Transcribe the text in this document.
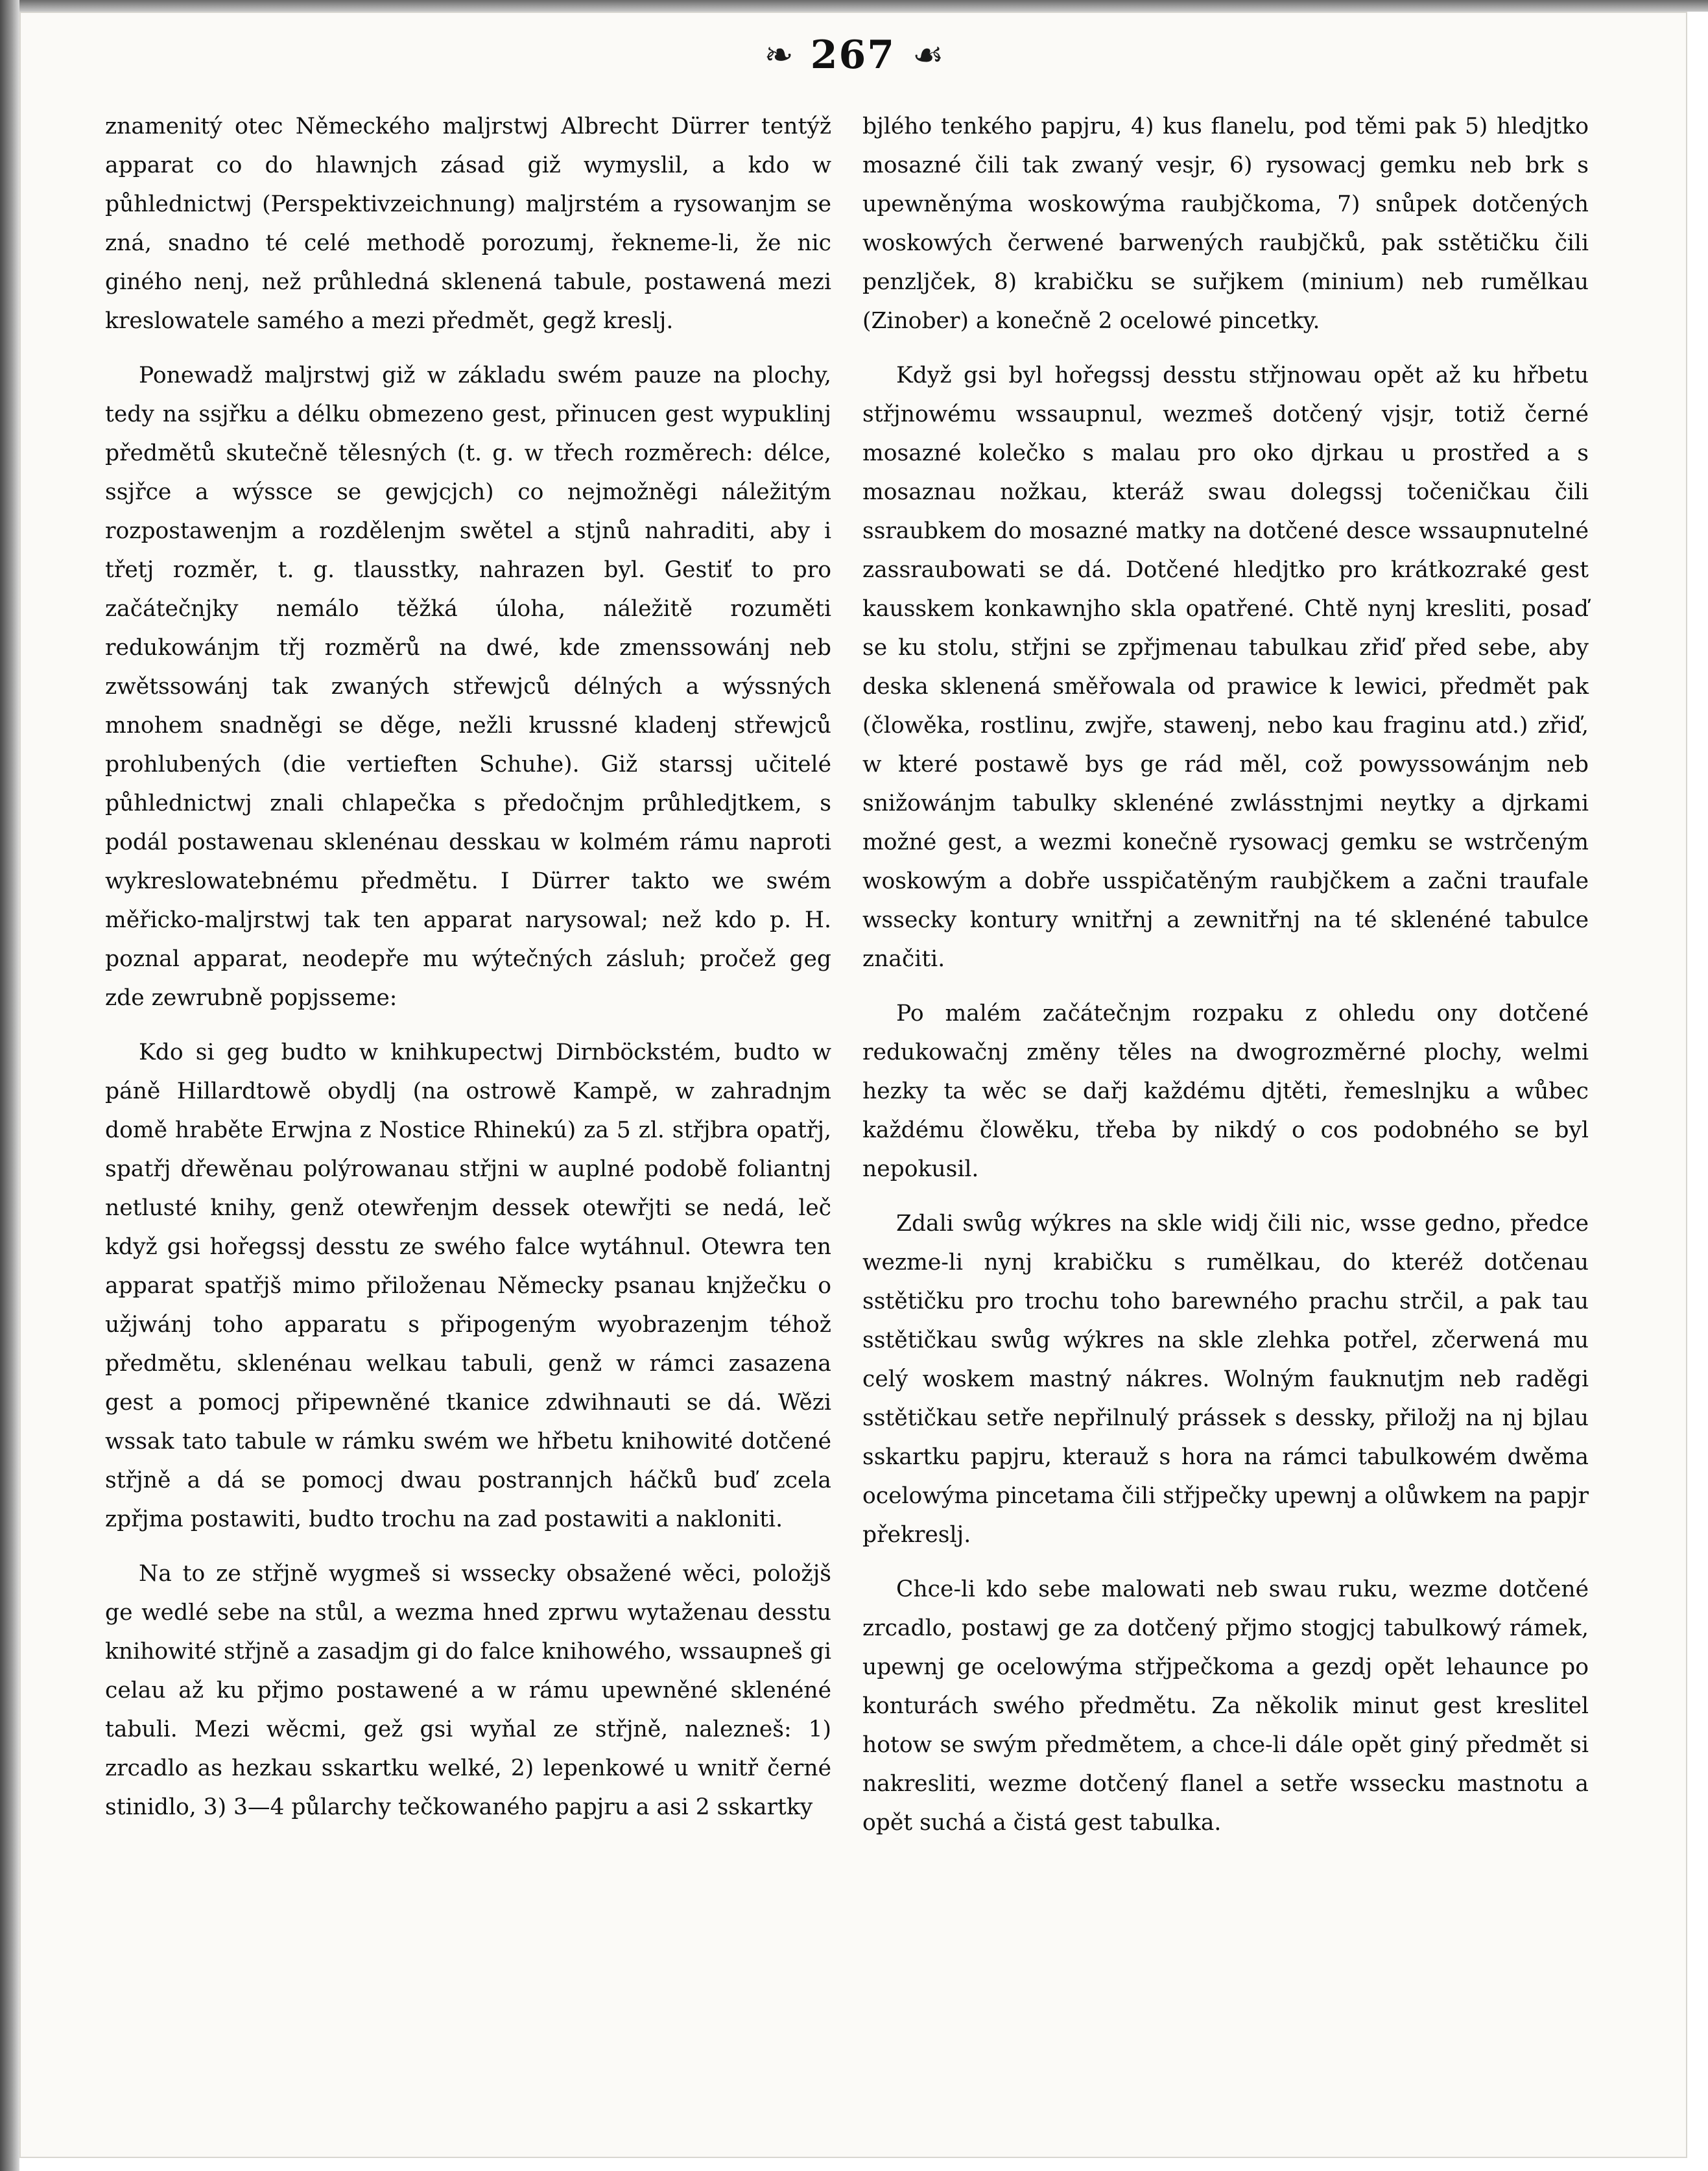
❧ 267 ☙

znamenitý otec Německého maljrstwj Albrecht Dürrer tentýž apparat co do hlawnjch zásad giž wymyslil, a kdo w půhlednictwj (Perspektivzeichnung) maljrstém a rysowanjm se zná, snadno té celé methodě porozumj, řekneme-li, že nic giného nenj, než průhledná sklenená tabule, postawená mezi kreslowatele samého a mezi předmět, gegž kreslj.

Ponewadž maljrstwj giž w základu swém pauze na plochy, tedy na ssjřku a délku obmezeno gest, přinucen gest wypuklinj předmětů skutečně tělesných (t. g. w třech rozměrech: délce, ssjřce a wýssce se gewjcjch) co nejmožněgi náležitým rozpostawenjm a rozdělenjm swětel a stjnů nahraditi, aby i třetj rozměr, t. g. tlausstky, nahrazen byl. Gestiť to pro začátečnjky nemálo těžká úloha, náležitě rozuměti redukowánjm třj rozměrů na dwé, kde zmenssowánj neb zwětssowánj tak zwaných střewjců délných a wýssných mnohem snadněgi se děge, nežli krussné kladenj střewjců prohlubených (die vertieften Schuhe). Giž starssj učitelé půhlednictwj znali chlapečka s předočnjm průhledjtkem, s podál postawenau sklenénau desskau w kolmém rámu naproti wykreslowatebnému předmětu. I Dürrer takto we swém měřicko-maljrstwj tak ten apparat narysowal; než kdo p. H. poznal apparat, neodepře mu wýtečných zásluh; pročež geg zde zewrubně popjsseme:

Kdo si geg budto w knihkupectwj Dirnböckstém, budto w páně Hillardtowě obydlj (na ostrowě Kampě, w zahradnjm domě hraběte Erwjna z Nostice Rhinekú) za 5 zl. střjbra opatřj, spatřj dřewěnau polýrowanau střjni w auplné podobě foliantnj netlusté knihy, genž otewřenjm dessek otewřjti se nedá, leč když gsi hořegssj desstu ze swého falce wytáhnul. Otewra ten apparat spatřjš mimo přiloženau Německy psanau knjžečku o užjwánj toho apparatu s připogeným wyobrazenjm téhož předmětu, sklenénau welkau tabuli, genž w rámci zasazena gest a pomocj připewněné tkanice zdwihnauti se dá. Wězi wssak tato tabule w rámku swém we hřbetu knihowité dotčené střjně a dá se pomocj dwau postrannjch háčků buď zcela zpřjma postawiti, budto trochu na zad postawiti a nakloniti.

Na to ze střjně wygmeš si wssecky obsažené wěci, položjš ge wedlé sebe na stůl, a wezma hned zprwu wytaženau desstu knihowité střjně a zasadjm gi do falce knihowého, wssaupneš gi celau až ku přjmo postawené a w rámu upewněné sklenéné tabuli. Mezi wěcmi, gež gsi wyňal ze střjně, nalezneš: 1) zrcadlo as hezkau sskartku welké, 2) lepenkowé u wnitř černé stinidlo, 3) 3—4 půlarchy tečkowaného papjru a asi 2 sskartky

bjlého tenkého papjru, 4) kus flanelu, pod těmi pak 5) hledjtko mosazné čili tak zwaný vesjr, 6) rysowacj gemku neb brk s upewněnýma woskowýma raubjčkoma, 7) snůpek dotčených woskowých čerwené barwených raubjčků, pak sstětičku čili penzljček, 8) krabičku se suřjkem (minium) neb rumělkau (Zinober) a konečně 2 ocelowé pincetky.

Když gsi byl hořegssj desstu střjnowau opět až ku hřbetu střjnowému wssaupnul, wezmeš dotčený vjsjr, totiž černé mosazné kolečko s malau pro oko djrkau u prostřed a s mosaznau nožkau, kteráž swau dolegssj točeničkau čili ssraubkem do mosazné matky na dotčené desce wssaupnutelné zassraubowati se dá. Dotčené hledjtko pro krátkozraké gest kausskem konkawnjho skla opatřené. Chtě nynj kresliti, posaď se ku stolu, střjni se zpřjmenau tabulkau zřiď před sebe, aby deska sklenená směřowala od prawice k lewici, předmět pak (člowěka, rostlinu, zwjře, stawenj, nebo kau fraginu atd.) zřiď, w které postawě bys ge rád měl, což powyssowánjm neb snižowánjm tabulky sklenéné zwlásstnjmi neytky a djrkami možné gest, a wezmi konečně rysowacj gemku se wstrčeným woskowým a dobře usspičatěným raubjčkem a začni traufale wssecky kontury wnitřnj a zewnitřnj na té sklenéné tabulce značiti.

Po malém začátečnjm rozpaku z ohledu ony dotčené redukowačnj změny těles na dwogrozměrné plochy, welmi hezky ta wěc se dařj každému djtěti, řemeslnjku a wůbec každému člowěku, třeba by nikdý o cos podobného se byl nepokusil.

Zdali swůg wýkres na skle widj čili nic, wsse gedno, předce wezme-li nynj krabičku s rumělkau, do kteréž dotčenau sstětičku pro trochu toho barewného prachu strčil, a pak tau sstětičkau swůg wýkres na skle zlehka potřel, zčerwená mu celý woskem mastný nákres. Wolným fauknutjm neb raděgi sstětičkau setře nepřilnulý prássek s dessky, přiložj na nj bjlau sskartku papjru, kterauž s hora na rámci tabulkowém dwěma ocelowýma pincetama čili střjpečky upewnj a olůwkem na papjr překreslj.

Chce-li kdo sebe malowati neb swau ruku, wezme dotčené zrcadlo, postawj ge za dotčený přjmo stogjcj tabulkowý rámek, upewnj ge ocelowýma střjpečkoma a gezdj opět lehaunce po konturách swého předmětu. Za několik minut gest kreslitel hotow se swým předmětem, a chce-li dále opět giný předmět si nakresliti, wezme dotčený flanel a setře wssecku mastnotu a opět suchá a čistá gest tabulka.
